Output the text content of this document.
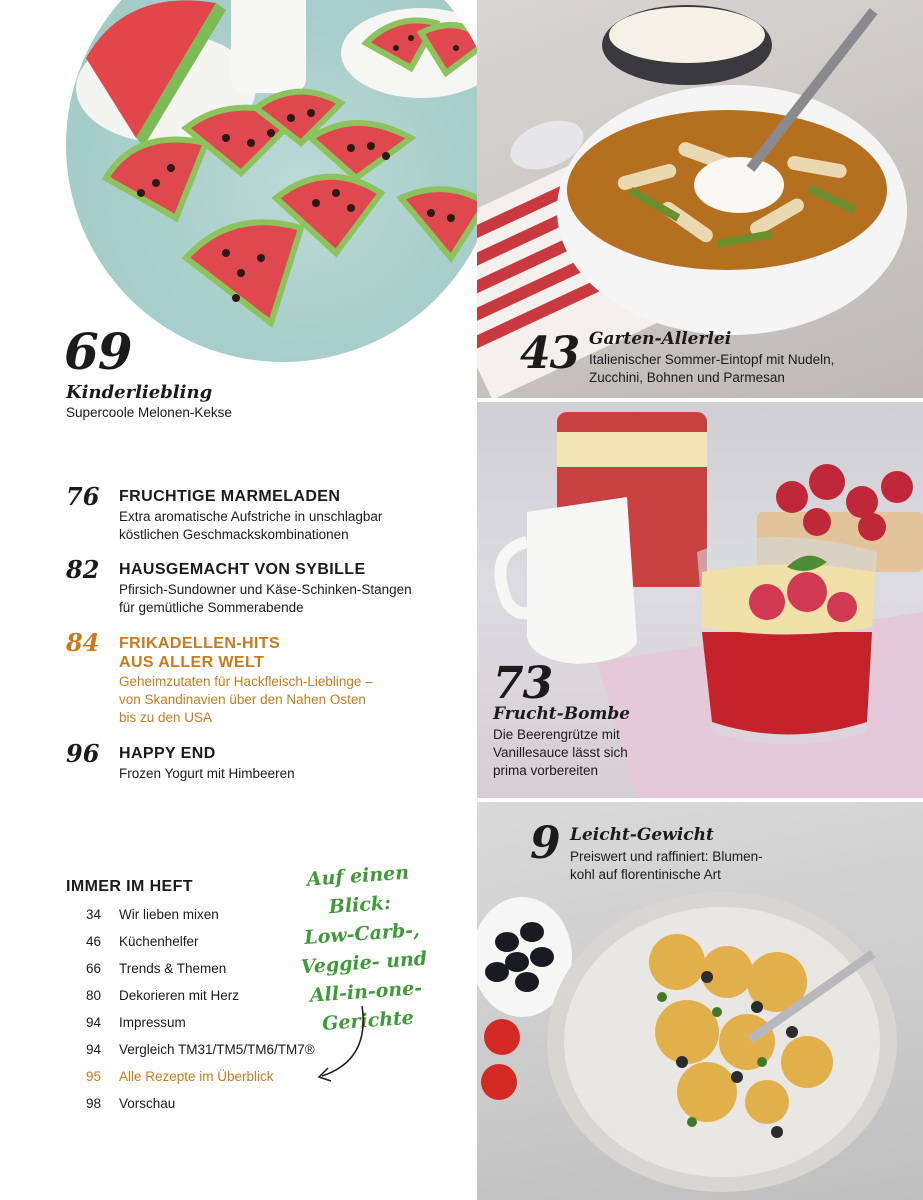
69
Kinderliebling
Supercoole Melonen-Kekse
43 Garten-Allerlei
Italienischer Sommer-Eintopf mit Nudeln,
Zucchini, Bohnen und Parmesan
73
Frucht-Bombe
Die Beerengrütze mit
Vanillesauce lässt sich
prima vorbereiten
9 Leicht-Gewicht
Preiswert und raffiniert: Blumen-
kohl auf florentinische Art
76 FRUCHTIGE MARMELADEN
Extra aromatische Aufstriche in unschlagbar
köstlichen Geschmackskombinationen
82 HAUSGEMACHT VON SYBILLE
Pfirsich-Sundowner und Käse-Schinken-Stangen
für gemütliche Sommerabende
84 FRIKADELLEN-HITS
AUS ALLER WELT
Geheimzutaten für Hackfleisch-Lieblinge –
von Skandinavien über den Nahen Osten
bis zu den USA
96 HAPPY END
Frozen Yogurt mit Himbeeren
IMMER IM HEFT
34 Wir lieben mixen
46 Küchenhelfer
66 Trends & Themen
80 Dekorieren mit Herz
94 Impressum
94 Vergleich TM31/TM5/TM6/TM7®
95 Alle Rezepte im Überblick
98 Vorschau
Auf einen Blick:
Low-Carb-,
Veggie- und
All-in-one-
Gerichte
